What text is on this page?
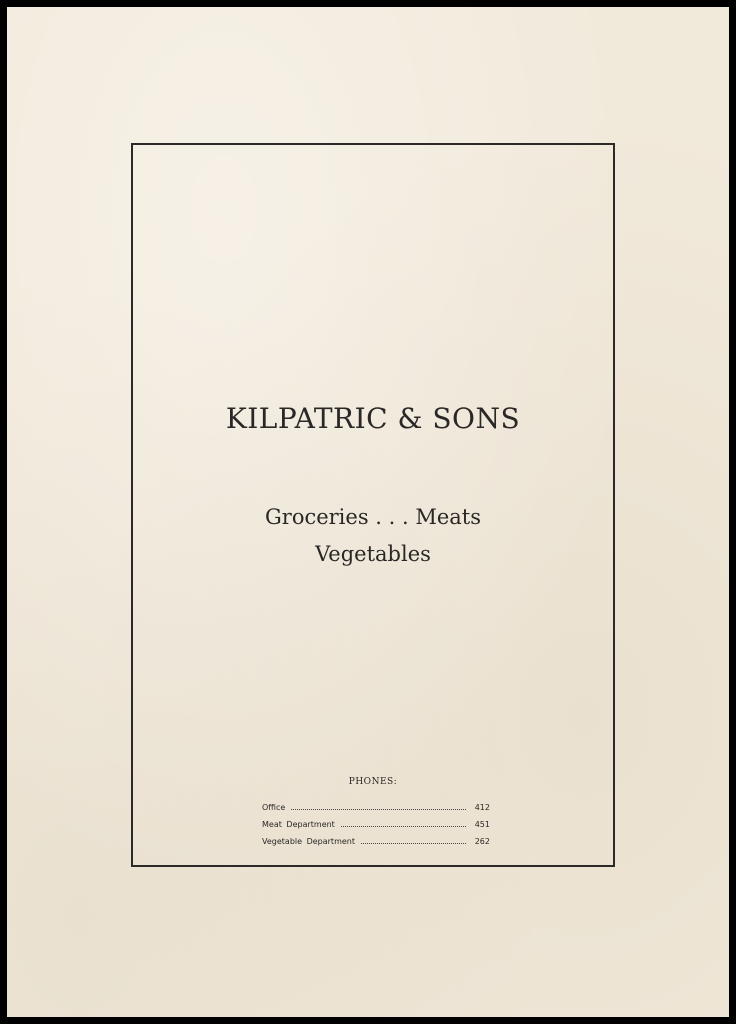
KILPATRIC & SONS
Groceries . . . Meats
Vegetables
PHONES:
Office	412
Meat Department	451
Vegetable Department	262
